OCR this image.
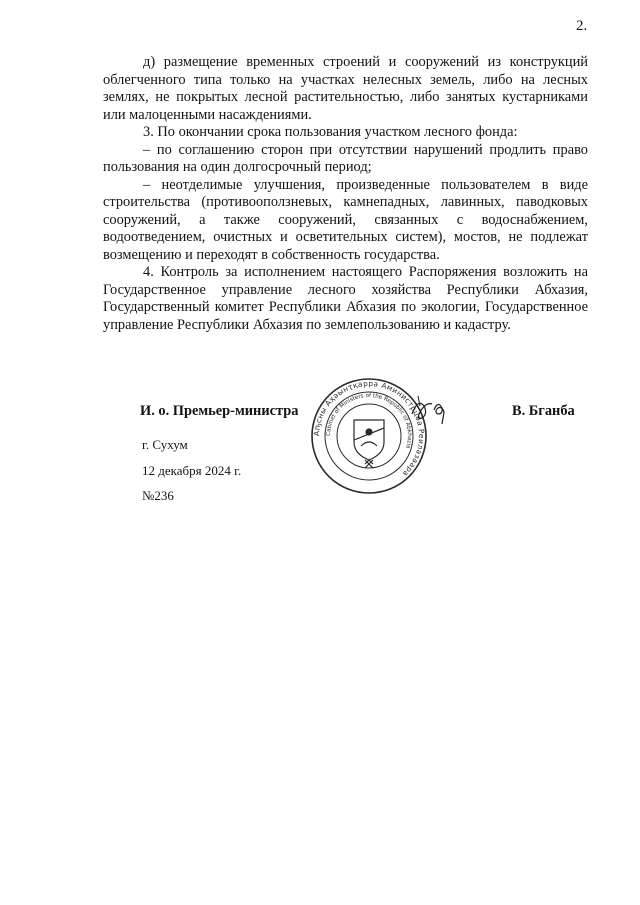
2.

д) размещение временных строений и сооружений из конструкций облегченного типа только на участках нелесных земель, либо на лесных землях, не покрытых лесной растительностью, либо занятых кустарниками или малоценными насаждениями.

3. По окончании срока пользования участком лесного фонда:

– по соглашению сторон при отсутствии нарушений продлить право пользования на один долгосрочный период;

– неотделимые улучшения, произведенные пользователем в виде строительства (противооползневых, камнепадных, лавинных, паводковых сооружений, а также сооружений, связанных с водоснабжением, водоотведением, очистных и осветительных систем), мостов, не подлежат возмещению и переходят в собственность государства.

4. Контроль за исполнением настоящего Распоряжения возложить на Государственное управление лесного хозяйства Республики Абхазия, Государственный комитет Республики Абхазия по экологии, Государственное управление Республики Абхазия по землепользованию и кадастру.

Аҧсны Аҳәынҭқарра Аминистрцәа Реилазаара
Cabinet of Ministers of the Republic of Abkhazia
И. о. Премьер-министра	В. Бганба
г. Сухум
12 декабря 2024 г.
№236
